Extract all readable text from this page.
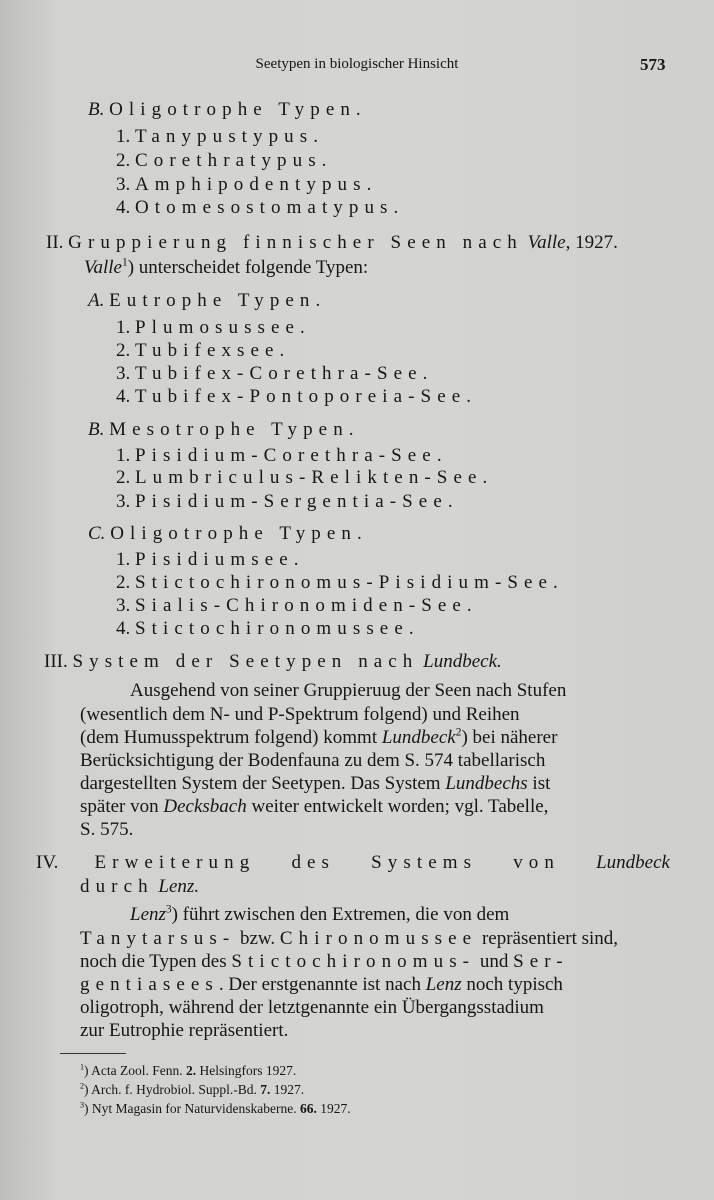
Seetypen in biologischer Hinsicht	573
B. Oligotrophe Typen.
1. Tanypustypus.
2. Corethratypus.
3. Amphipodentypus.
4. Otomesostomatypus.
II. Gruppierung finnischer Seen nach Valle, 1927.
Valle$^1$) unterscheidet folgende Typen:
A. Eutrophe Typen.
1. Plumosussee.
2. Tubifexsee.
3. Tubifex-Corethra-See.
4. Tubifex-Pontoporeia-See.
B. Mesotrophe Typen.
1. Pisidium-Corethra-See.
2. Lumbriculus-Relikten-See.
3. Pisidium-Sergentia-See.
C. Oligotrophe Typen.
1. Pisidiumsee.
2. Stictochironomus-Pisidium-See.
3. Sialis-Chironomiden-See.
4. Stictochironomussee.
III. System der Seetypen nach Lundbeck.
Ausgehend von seiner Gruppieruug der Seen nach Stufen
(wesentlich dem N- und P-Spektrum folgend) und Reihen
(dem Humusspektrum folgend) kommt Lundbeck$^2$) bei näherer
Berücksichtigung der Bodenfauna zu dem S. 574 tabellarisch
dargestellten System der Seetypen. Das System Lundbechs ist
später von Decksbach weiter entwickelt worden; vgl. Tabelle,
S. 575.
IV. Erweiterung des Systems von Lundbeck
durch Lenz.
Lenz$^3$) führt zwischen den Extremen, die von dem
Tanytarsus- bzw. Chironomussee repräsentiert sind,
noch die Typen des Stictochironomus- und Ser-
gentiasees. Der erstgenannte ist nach Lenz noch typisch
oligotroph, während der letztgenannte ein Übergangsstadium
zur Eutrophie repräsentiert.
$^1$) Acta Zool. Fenn. 2. Helsingfors 1927.
$^2$) Arch. f. Hydrobiol. Suppl.-Bd. 7. 1927.
$^3$) Nyt Magasin for Naturvidenskaberne. 66. 1927.
